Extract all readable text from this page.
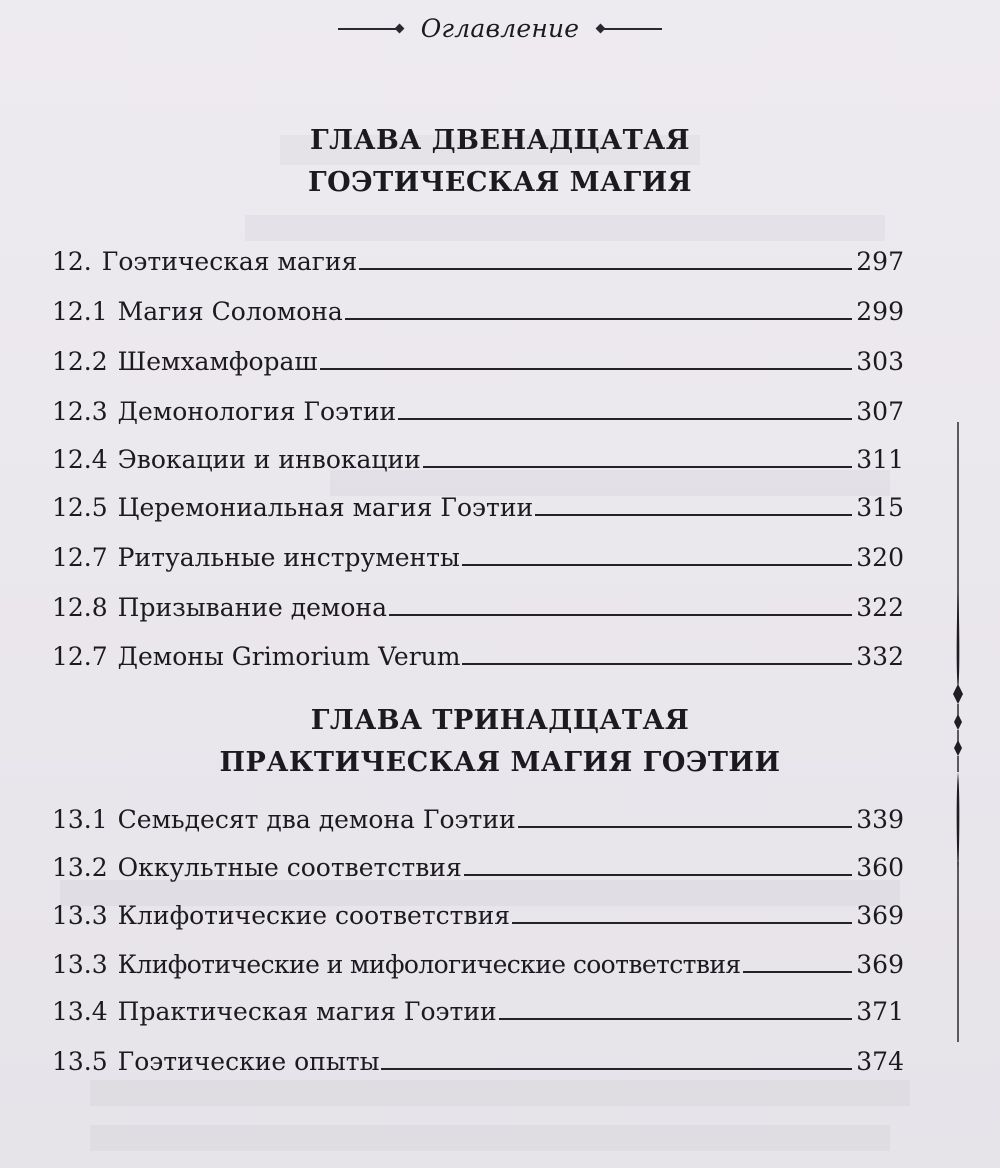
Оглавление
ГЛАВА ДВЕНАДЦАТАЯ
ГОЭТИЧЕСКАЯ МАГИЯ
12. Гоэтическая магия	297
12.1 Магия Соломона	299
12.2 Шемхамфораш	303
12.3 Демонология Гоэтии	307
12.4 Эвокации и инвокации	311
12.5 Церемониальная магия Гоэтии	315
12.7 Ритуальные инструменты	320
12.8 Призывание демона	322
12.7 Демоны Grimorium Verum	332
ГЛАВА ТРИНАДЦАТАЯ
ПРАКТИЧЕСКАЯ МАГИЯ ГОЭТИИ
13.1 Семьдесят два демона Гоэтии	339
13.2 Оккультные соответствия	360
13.3 Клифотические соответствия	369
13.3 Клифотические и мифологические соответствия	369
13.4 Практическая магия Гоэтии	371
13.5 Гоэтические опыты	374
